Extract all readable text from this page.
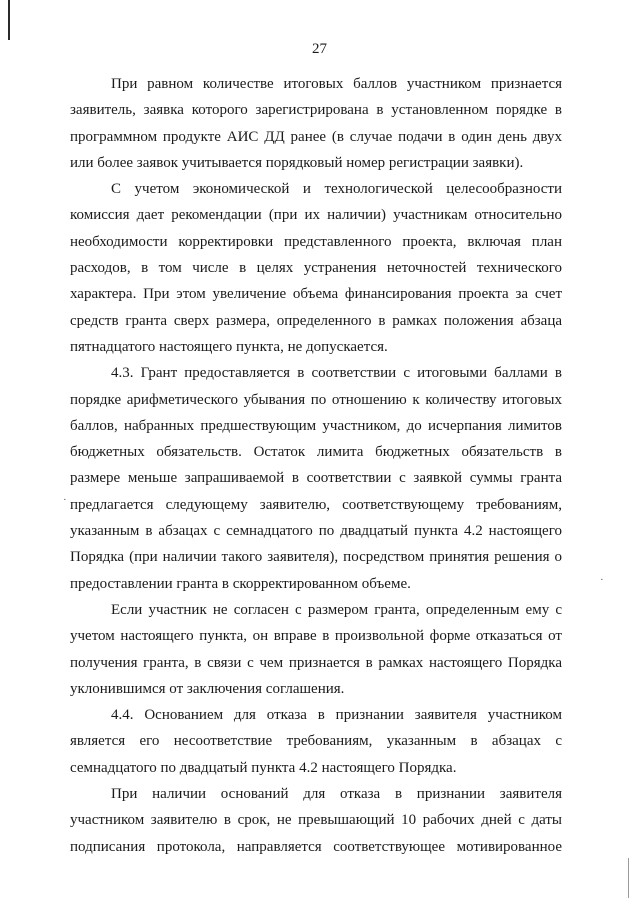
·
·
27

При равном количестве итоговых баллов участником признается заявитель, заявка которого зарегистрирована в установленном порядке в программном продукте АИС ДД ранее (в случае подачи в один день двух или более заявок учитывается порядковый номер регистрации заявки).

С учетом экономической и технологической целесообразности комиссия дает рекомендации (при их наличии) участникам относительно необходимости корректировки представленного проекта, включая план расходов, в том числе в целях устранения неточностей технического характера. При этом увеличение объема финансирования проекта за счет средств гранта сверх размера, определенного в рамках положения абзаца пятнадцатого настоящего пункта, не допускается.

4.3. Грант предоставляется в соответствии с итоговыми баллами в порядке арифметического убывания по отношению к количеству итоговых баллов, набранных предшествующим участником, до исчерпания лимитов бюджетных обязательств. Остаток лимита бюджетных обязательств в размере меньше запрашиваемой в соответствии с заявкой суммы гранта предлагается следующему заявителю, соответствующему требованиям, указанным в абзацах с семнадцатого по двадцатый пункта 4.2 настоящего Порядка (при наличии такого заявителя), посредством принятия решения о предоставлении гранта в скорректированном объеме.

Если участник не согласен с размером гранта, определенным ему с учетом настоящего пункта, он вправе в произвольной форме отказаться от получения гранта, в связи с чем признается в рамках настоящего Порядка уклонившимся от заключения соглашения.

4.4. Основанием для отказа в признании заявителя участником является его несоответствие требованиям, указанным в абзацах с семнадцатого по двадцатый пункта 4.2 настоящего Порядка.

При наличии оснований для отказа в признании заявителя участником заявителю в срок, не превышающий 10 рабочих дней с даты подписания протокола, направляется соответствующее мотивированное
